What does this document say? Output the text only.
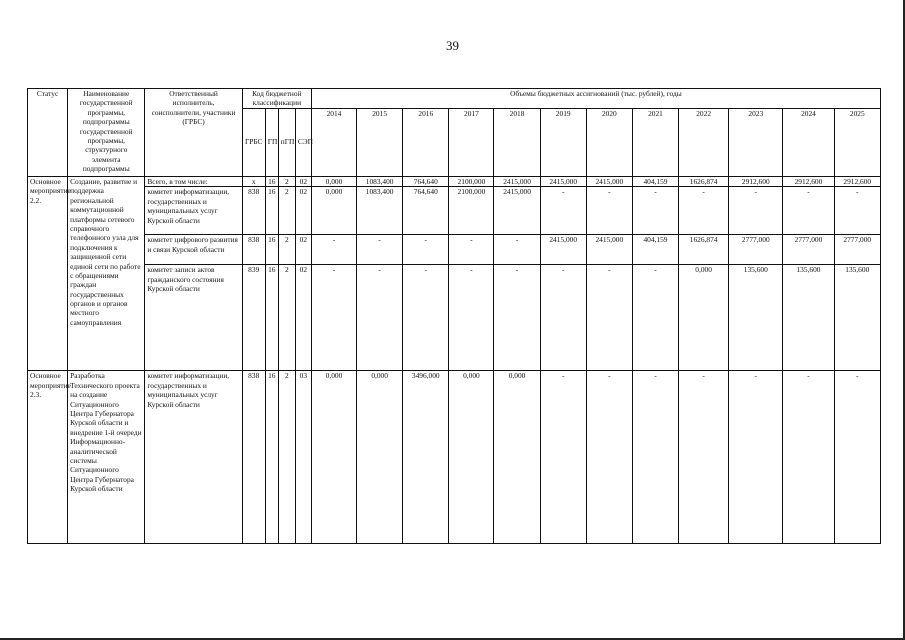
39
Статус	Наименование государственной программы, подпрограммы государственной программы, структурного элемента подпрограммы	Ответственный исполнитель, соисполнители, участники (ГРБС)	Код бюджетной классификации				Объемы бюджетных ассигнований (тыс. рублей), годы											
			ГРБС	ГП	пГП	СЭП	2014	2015	2016	2017	2018	2019	2020	2021	2022	2023	2024	2025
Основное мероприятие 2.2.	Создание, развитие и поддержка региональной коммутационной платформы сетевого справочного телефонного узла для подключения к защищенной сети единой сети по работе с обращениями граждан государственных органов и органов местного самоуправления	Всего, в том числе:	х	16	2	02	0,000	1083,400	764,640	2100,000	2415,000	2415,000	2415,000	404,159	1626,874	2912,600	2912,600	2912,600
		комитет информатизации, государственных и муниципальных услуг Курской области	838	16	2	02	0,000	1083,400	764,640	2100,000	2415,000	-	-	-	-	-	-	-
		комитет цифрового развития и связи Курской области	838	16	2	02	-	-	-	-	-	2415,000	2415,000	404,159	1626,874	2777,000	2777,000	2777,000
		комитет записи актов гражданского состояния Курской области	839	16	2	02	-	-	-	-	-	-	-	-	0,000	135,600	135,600	135,600
Основное мероприятие 2.3.	Разработка Технического проекта на создание Ситуационного Центра Губернатора Курской области и внедрение 1-й очереди Информационно-аналитической системы Ситуационного Центра Губернатора Курской области	комитет информатизации, государственных и муниципальных услуг Курской области	838	16	2	03	0,000	0,000	3496,000	0,000	0,000	-	-	-	-	-	-	-
